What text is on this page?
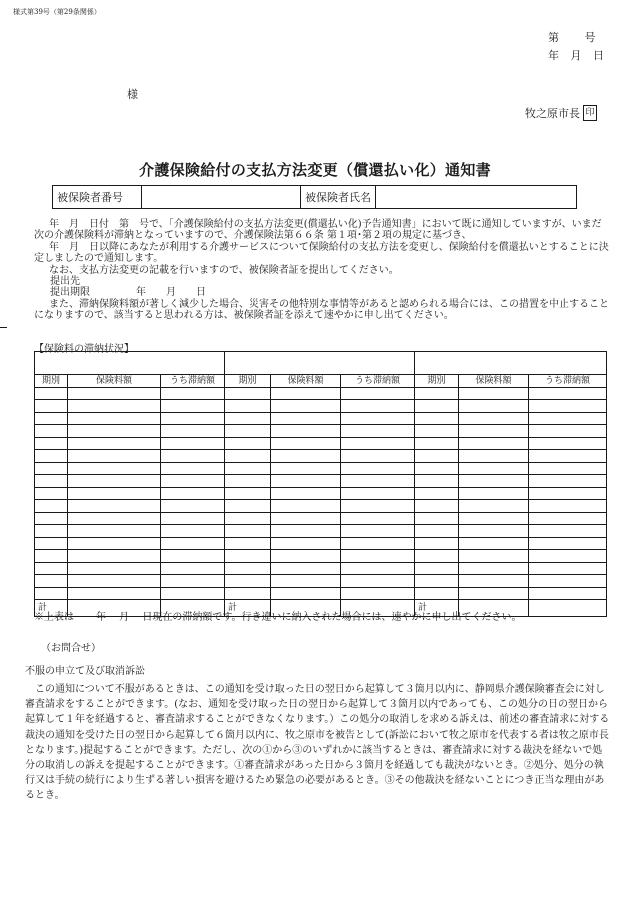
様式第39号（第29条関係）
第 号
年 月 日
様
牧之原市長 印
介護保険給付の支払方法変更（償還払い化）通知書
被保険者番号		被保険者氏名	

年　月　日付　第　号で、「介護保険給付の支払方法変更(償還払い化)予告通知書」において既に通知していますが、いまだ次の介護保険料が滞納となっていますので、介護保険法第６６条 第１項･第２項の規定に基づき、

年　月　日以降にあなたが利用する介護サービスについて保険給付の支払方法を変更し、保険給付を償還払いとすることに決定しましたので通知します。

なお、支払方法変更の記載を行いますので、被保険者証を提出してください。

提出先

提出期限	年　　月　　日

また、滞納保険料額が著しく減少した場合、災害その他特別な事情等があると認められる場合には、この措置を中止することになりますので、該当すると思われる方は、被保険者証を添えて速やかに申し出てください。

【保険料の滞納状況】

期別	保険料額	うち滞納額	期別	保険料額	うち滞納額	期別	保険料額	うち滞納額

計			計			計		
※上表は 年　 月　 日現在の滞納額です。行き違いに納入された場合には、速やかに申し出てください。
（お問合せ）
不服の申立て及び取消訴訟
この通知について不服があるときは、この通知を受け取った日の翌日から起算して３箇月以内に、静岡県介護保険審査会に対し審査請求をすることができます。(なお、通知を受け取った日の翌日から起算して３箇月以内であっても、この処分の日の翌日から起算して１年を経過すると、審査請求することができなくなります。）この処分の取消しを求める訴えは、前述の審査請求に対する裁決の通知を受けた日の翌日から起算して６箇月以内に、牧之原市を被告として(訴訟において牧之原市を代表する者は牧之原市長となります。)提起することができます。ただし、次の①から③のいずれかに該当するときは、審査請求に対する裁決を経ないで処分の取消しの訴えを提起することができます。①審査請求があった日から３箇月を経過しても裁決がないとき。②処分、処分の執行又は手続の続行により生ずる著しい損害を避けるため緊急の必要があるとき。③その他裁決を経ないことにつき正当な理由があるとき。
